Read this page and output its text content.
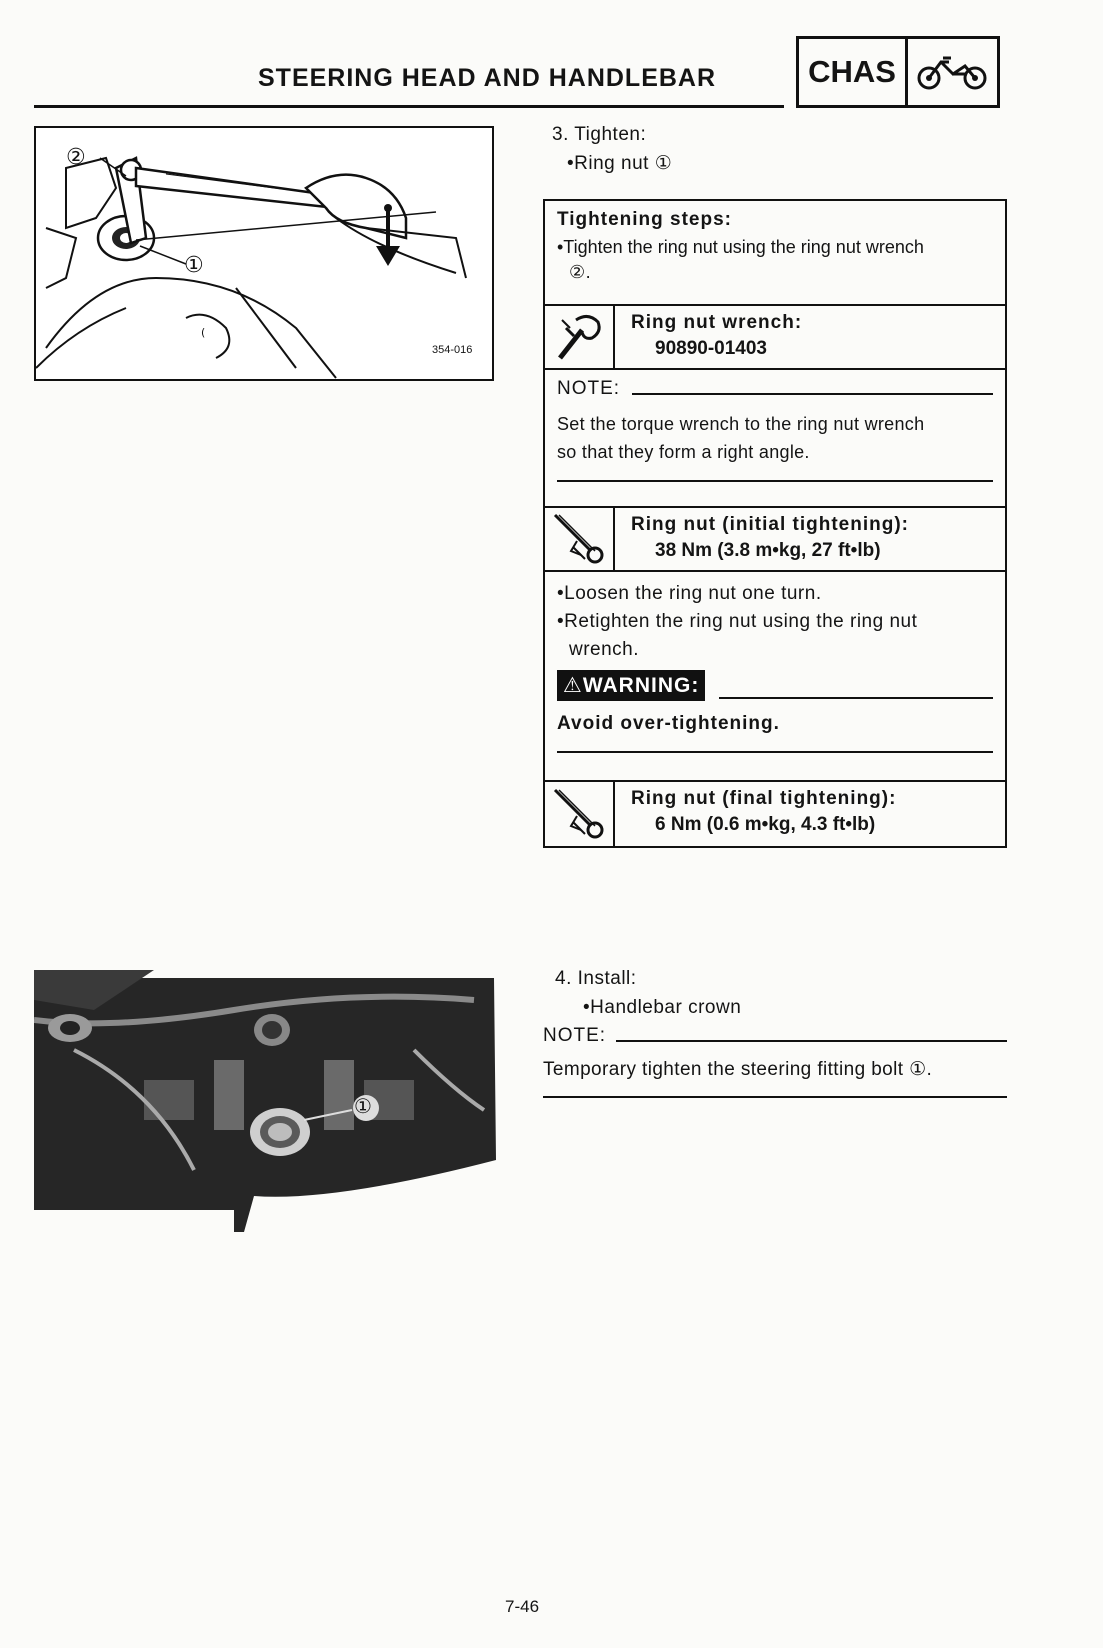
STEERING HEAD AND HANDLEBAR	CHAS
(
②
①
354-016
3. Tighten:
•Ring nut ①
Tightening steps:
•Tighten the ring nut using the ring nut wrench
②.
Ring nut wrench:
90890-01403
NOTE:
Set the torque wrench to the ring nut wrench
so that they form a right angle.
Ring nut (initial tightening):
38 Nm (3.8 m•kg, 27 ft•lb)
•Loosen the ring nut one turn.
•Retighten the ring nut using the ring nut
wrench.
⚠WARNING:
Avoid over-tightening.
Ring nut (final tightening):
6 Nm (0.6 m•kg, 4.3 ft•lb)
①
4. Install:
•Handlebar crown
NOTE:
Temporary tighten the steering fitting bolt ①.
7-46
